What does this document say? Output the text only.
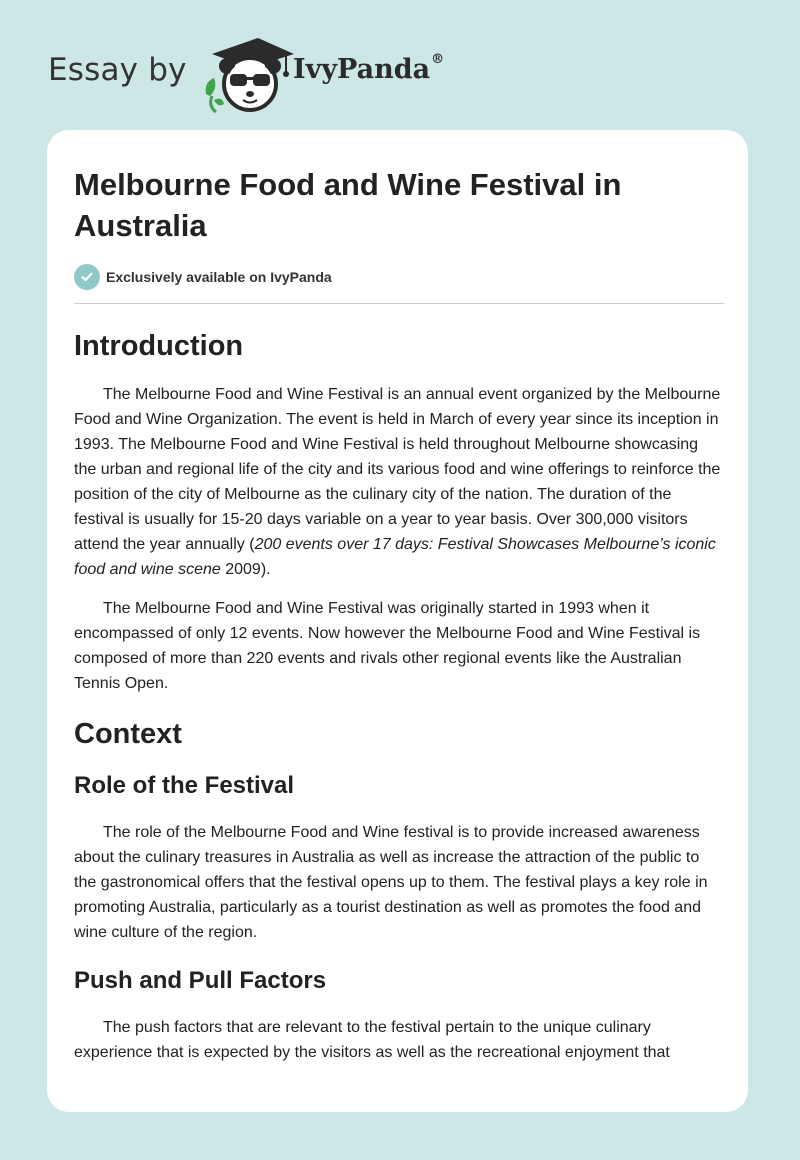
Essay by	IvyPanda®
Melbourne Food and Wine Festival in Australia
Exclusively available on IvyPanda
Introduction

The Melbourne Food and Wine Festival is an annual event organized by the Melbourne Food and Wine Organization. The event is held in March of every year since its inception in 1993. The Melbourne Food and Wine Festival is held throughout Melbourne showcasing the urban and regional life of the city and its various food and wine offerings to reinforce the position of the city of Melbourne as the culinary city of the nation. The duration of the festival is usually for 15-20 days variable on a year to year basis. Over 300,000 visitors attend the year annually (200 events over 17 days: Festival Showcases Melbourne’s iconic food and wine scene 2009).

The Melbourne Food and Wine Festival was originally started in 1993 when it encompassed of only 12 events. Now however the Melbourne Food and Wine Festival is composed of more than 220 events and rivals other regional events like the Australian Tennis Open.

Context
Role of the Festival

The role of the Melbourne Food and Wine festival is to provide increased awareness about the culinary treasures in Australia as well as increase the attraction of the public to the gastronomical offers that the festival opens up to them. The festival plays a key role in promoting Australia, particularly as a tourist destination as well as promotes the food and wine culture of the region.

Push and Pull Factors

The push factors that are relevant to the festival pertain to the unique culinary experience that is expected by the visitors as well as the recreational enjoyment that
